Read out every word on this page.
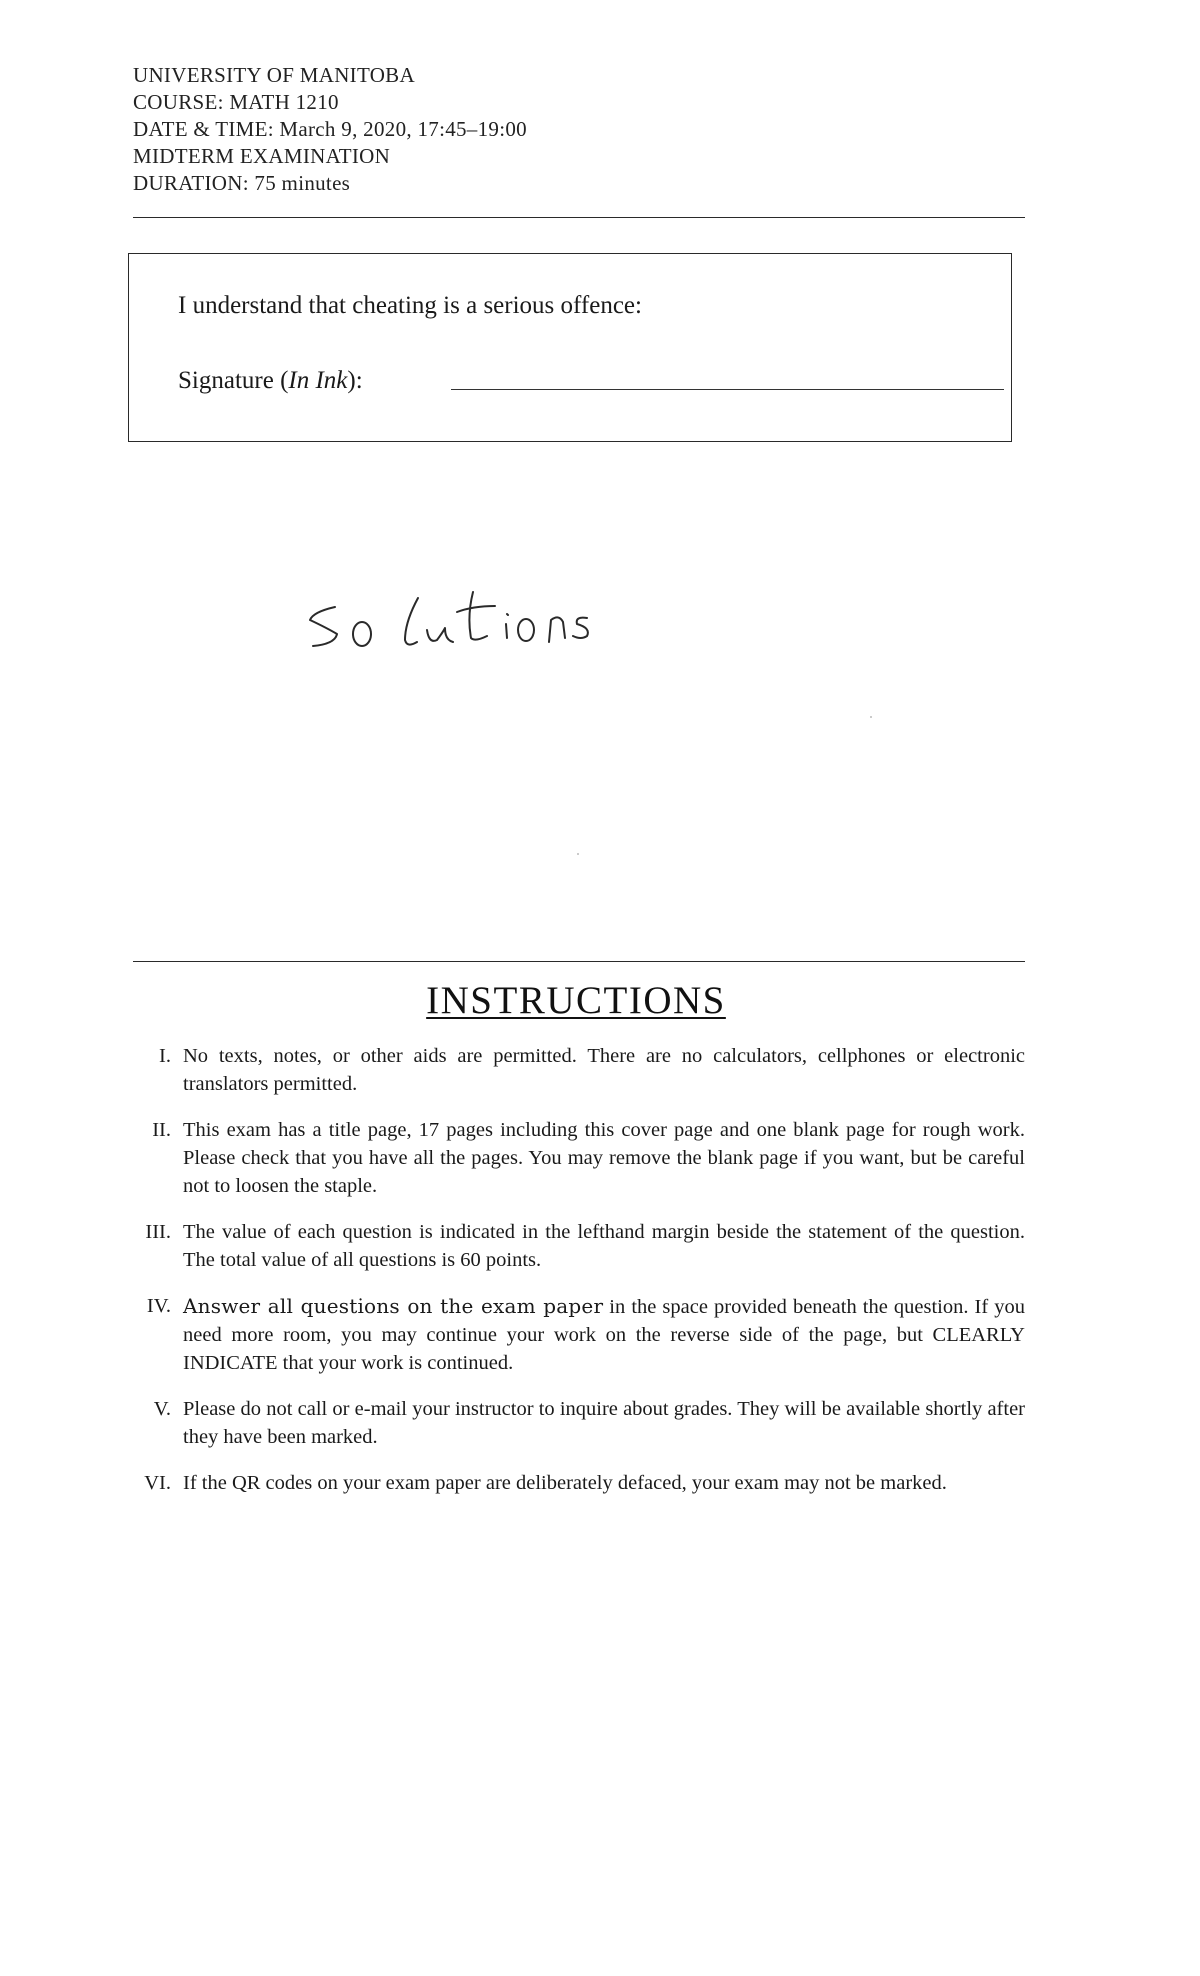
UNIVERSITY OF MANITOBA
COURSE: MATH 1210
DATE & TIME: March 9, 2020, 17:45–19:00
MIDTERM EXAMINATION
DURATION: 75 minutes
I understand that cheating is a serious offence:
Signature (In Ink):
INSTRUCTIONS
I. No texts, notes, or other aids are permitted. There are no calculators, cellphones or electronic translators permitted.
II. This exam has a title page, 17 pages including this cover page and one blank page for rough work. Please check that you have all the pages. You may remove the blank page if you want, but be careful not to loosen the staple.
III. The value of each question is indicated in the lefthand margin beside the statement of the question. The total value of all questions is 60 points.
IV. Answer all questions on the exam paper in the space provided beneath the question. If you need more room, you may continue your work on the reverse side of the page, but CLEARLY INDICATE that your work is continued.
V. Please do not call or e-mail your instructor to inquire about grades. They will be available shortly after they have been marked.
VI. If the QR codes on your exam paper are deliberately defaced, your exam may not be marked.
